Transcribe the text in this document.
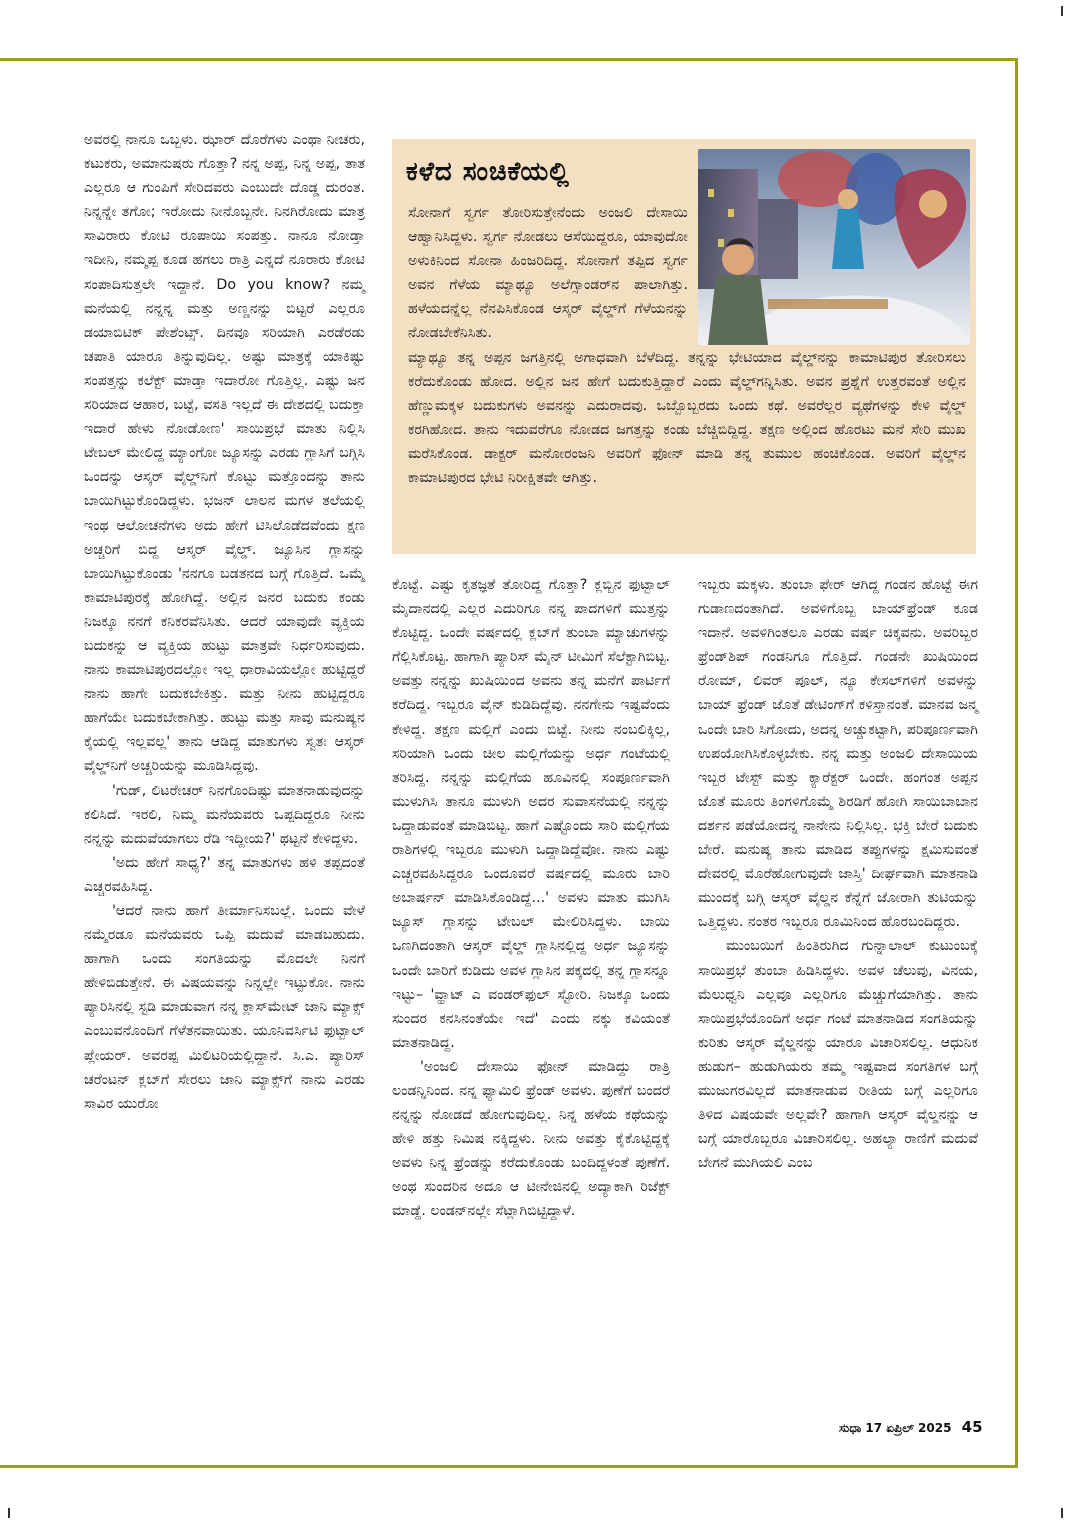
ಅವರಲ್ಲಿ ನಾನೂ ಒಬ್ಬಳು. ಝಾರ್ ದೊರೆಗಳು ಎಂಥಾ ನೀಚರು, ಕಟುಕರು, ಅಮಾನುಷರು ಗೊತ್ತಾ? ನನ್ನ ಅಪ್ಪ, ನಿನ್ನ ಅಪ್ಪ, ತಾತ ಎಲ್ಲರೂ ಆ ಗುಂಪಿಗೆ ಸೇರಿದವರು ಎಂಬುದೇ ದೊಡ್ಡ ದುರಂತ. ನಿನ್ನನ್ನೇ ತಗೋ; ಇರೋದು ನೀನೊಬ್ಬನೇ. ನಿನಗಿರೋದು ಮಾತ್ರ ಸಾವಿರಾರು ಕೋಟಿ ರೂಪಾಯಿ ಸಂಪತ್ತು. ನಾನೂ ನೋಡ್ತಾ ಇದೀನಿ, ನಮ್ಮಪ್ಪ ಕೂಡ ಹಗಲು ರಾತ್ರಿ ಎನ್ನದೆ ನೂರಾರು ಕೋಟಿ ಸಂಪಾದಿಸುತ್ತಲೇ ಇದ್ದಾನೆ. Do you know? ನಮ್ಮ ಮನೆಯಲ್ಲಿ ನನ್ನನ್ನ ಮತ್ತು ಅಣ್ಣನನ್ನು ಬಿಟ್ಟರೆ ಎಲ್ಲರೂ ಡಯಾಬಿಟಿಕ್ ಪೇಶೆಂಟ್ಸ್. ದಿನವೂ ಸರಿಯಾಗಿ ಎರಡೆರಡು ಚಪಾತಿ ಯಾರೂ ತಿನ್ನುವುದಿಲ್ಲ. ಅಷ್ಟು ಮಾತ್ರಕ್ಕೆ ಯಾಕಿಷ್ಟು ಸಂಪತ್ತನ್ನು ಕಲೆಕ್ಟ್ ಮಾಡ್ತಾ ಇದಾರೋ ಗೊತ್ತಿಲ್ಲ. ಎಷ್ಟು ಜನ ಸರಿಯಾದ ಆಹಾರ, ಬಟ್ಟೆ, ವಸತಿ ಇಲ್ಲದೆ ಈ ದೇಶದಲ್ಲಿ ಬದುಕ್ತಾ ಇದಾರೆ ಹೇಳು ನೋಡೋಣ' ಸಾಯಿಪ್ರಭೆ ಮಾತು ನಿಲ್ಲಿಸಿ ಟೇಬಲ್ ಮೇಲಿದ್ದ ಮ್ಯಾಂಗೋ ಜ್ಯೂಸನ್ನು ಎರಡು ಗ್ಲಾಸಿಗೆ ಬಗ್ಗಿಸಿ ಒಂದನ್ನು ಆಸ್ಕರ್ ವೈಲ್ಡ್‌ನಿಗೆ ಕೊಟ್ಟು ಮತ್ತೊಂದನ್ನು ತಾನು ಬಾಯಿಗಿಟ್ಟುಕೊಂಡಿದ್ದಳು. ಭಜನ್ ಲಾಲನ ಮಗಳ ತಲೆಯಲ್ಲಿ ಇಂಥ ಆಲೋಚನೆಗಳು ಅದು ಹೇಗೆ ಟಿಸಿಲೊಡೆದವೆಂದು ಕ್ಷಣ ಅಚ್ಚರಿಗೆ ಬಿದ್ದ ಆಸ್ಕರ್ ವೈಲ್ಡ್. ಜ್ಯೂಸಿನ ಗ್ಲಾಸನ್ನು ಬಾಯಿಗಿಟ್ಟುಕೊಂಡು 'ನನಗೂ ಬಡತನದ ಬಗ್ಗೆ ಗೊತ್ತಿದೆ. ಒಮ್ಮೆ ಕಾಮಾಟಿಪುರಕ್ಕೆ ಹೋಗಿದ್ದೆ. ಅಲ್ಲಿನ ಜನರ ಬದುಕು ಕಂಡು ನಿಜಕ್ಕೂ ನನಗೆ ಕನಿಕರವೆನಿಸಿತು. ಆದರೆ ಯಾವುದೇ ವ್ಯಕ್ತಿಯ ಬದುಕನ್ನು ಆ ವ್ಯಕ್ತಿಯ ಹುಟ್ಟು ಮಾತ್ರವೇ ನಿರ್ಧರಿಸುವುದು. ನಾನು ಕಾಮಾಟಿಪುರದಲ್ಲೋ ಇಲ್ಲ ಧಾರಾವಿಯಲ್ಲೋ ಹುಟ್ಟಿದ್ದರೆ ನಾನು ಹಾಗೇ ಬದುಕಬೇಕಿತ್ತು. ಮತ್ತು ನೀನು ಹುಟ್ಟಿದ್ದರೂ ಹಾಗೆಯೇ ಬದುಕಬೇಕಾಗಿತ್ತು. ಹುಟ್ಟು ಮತ್ತು ಸಾವು ಮನುಷ್ಯನ ಕೈಯಲ್ಲಿ ಇಲ್ಲವಲ್ಲ' ತಾನು ಆಡಿದ್ದ ಮಾತುಗಳು ಸ್ವತಃ ಆಸ್ಕರ್ ವೈಲ್ಡ್‌ನಿಗೆ ಅಚ್ಚರಿಯನ್ನು ಮೂಡಿಸಿದ್ದವು.

'ಗುಡ್, ಲಿಟರೇಚರ್ ನಿನಗೊಂದಿಷ್ಟು ಮಾತನಾಡುವುದನ್ನು ಕಲಿಸಿದೆ. ಇರಲಿ, ನಿಮ್ಮ ಮನೆಯವರು ಒಪ್ಪದಿದ್ದರೂ ನೀನು ನನ್ನನ್ನು ಮದುವೆಯಾಗಲು ರೆಡಿ ಇದ್ದೀಯ?' ಥಟ್ಟನೆ ಕೇಳಿದ್ದಳು.

'ಅದು ಹೇಗೆ ಸಾಧ್ಯ?' ತನ್ನ ಮಾತುಗಳು ಹಳಿ ತಪ್ಪದಂತೆ ಎಚ್ಚರವಹಿಸಿದ್ದ.

'ಆದರೆ ನಾನು ಹಾಗೆ ತೀರ್ಮಾನಿಸಬಲ್ಲೆ. ಒಂದು ವೇಳೆ ನಮ್ಮೆರಡೂ ಮನೆಯವರು ಒಪ್ಪಿ ಮದುವೆ ಮಾಡಬಹುದು. ಹಾಗಾಗಿ ಒಂದು ಸಂಗತಿಯನ್ನು ಮೊದಲೇ ನಿನಗೆ ಹೇಳಿಬಿಡುತ್ತೇನೆ. ಈ ವಿಷಯವನ್ನು ನಿನ್ನಲ್ಲೇ ಇಟ್ಟುಕೋ. ನಾನು ಪ್ಯಾರಿಸಿನಲ್ಲಿ ಸ್ಟಡಿ ಮಾಡುವಾಗ ನನ್ನ ಕ್ಲಾಸ್‌ಮೇಟ್ ಜಾನಿ ಮ್ಯಾಕ್ಸ್ ಎಂಬುವನೊಂದಿಗೆ ಗೆಳೆತನವಾಯಿತು. ಯೂನಿವರ್ಸಿಟಿ ಫುಟ್ಬಾಲ್ ಪ್ಲೇಯರ್. ಅವರಪ್ಪ ಮಿಲಿಟರಿಯಲ್ಲಿದ್ದಾನೆ. ಸಿ.ಎ. ಪ್ಯಾರಿಸ್ ಚರೆಂಟನ್ ಕ್ಲಬ್‌ಗೆ ಸೇರಲು ಜಾನಿ ಮ್ಯಾಕ್ಸ್‌ಗೆ ನಾನು ಎರಡು ಸಾವಿರ ಯುರೋ

ಕಳೆದ ಸಂಚಿಕೆಯಲ್ಲಿ
ಸೋನಾಗೆ ಸ್ವರ್ಗ ತೋರಿಸುತ್ತೇನೆಂದು ಅಂಜಲಿ ದೇಸಾಯಿ ಆಹ್ವಾನಿಸಿದ್ದಳು. ಸ್ವರ್ಗ ನೋಡಲು ಆಸೆಯಿದ್ದರೂ, ಯಾವುದೋ ಅಳುಕಿನಿಂದ ಸೋನಾ ಹಿಂಜರಿದಿದ್ದ. ಸೋನಾಗೆ ತಪ್ಪಿದ ಸ್ವರ್ಗ ಅವನ ಗೆಳೆಯ ಮ್ಯಾಥ್ಯೂ ಅಲೆಗ್ಸಾಂಡರ್‌ನ ಪಾಲಾಗಿತ್ತು. ಹಳೆಯದನ್ನೆಲ್ಲ ನೆನಪಿಸಿಕೊಂಡ ಆಸ್ಕರ್ ವೈಲ್ಡ್‌ಗೆ ಗೆಳೆಯನನ್ನು ನೋಡಬೇಕೆನಿಸಿತು.
ಮ್ಯಾಥ್ಯೂ ತನ್ನ ಅಪ್ಪನ ಜಗತ್ತಿನಲ್ಲಿ ಅಗಾಧವಾಗಿ ಬೆಳೆದಿದ್ದ. ತನ್ನನ್ನು ಭೇಟಿಯಾದ ವೈಲ್ಡ್‌ನನ್ನು ಕಾಮಾಟಿಪುರ ತೋರಿಸಲು ಕರೆದುಕೊಂಡು ಹೋದ. ಅಲ್ಲಿನ ಜನ ಹೇಗೆ ಬದುಕುತ್ತಿದ್ದಾರೆ ಎಂದು ವೈಲ್ಡ್‌ಗನ್ನಿಸಿತು. ಅವನ ಪ್ರಶ್ನೆಗೆ ಉತ್ತರವಂತೆ ಅಲ್ಲಿನ ಹೆಣ್ಣುಮಕ್ಕಳ ಬದುಕುಗಳು ಅವನನ್ನು ಎದುರಾದವು. ಒಬ್ಬೊಬ್ಬರದು ಒಂದು ಕಥೆ. ಅವರೆಲ್ಲರ ವ್ಯಥೆಗಳನ್ನು ಕೇಳಿ ವೈಲ್ಡ್ ಕರಗಿಹೋದ. ತಾನು ಇದುವರೆಗೂ ನೋಡದ ಜಗತ್ತನ್ನು ಕಂಡು ಬೆಚ್ಚಿಬಿದ್ದಿದ್ದ. ತಕ್ಷಣ ಅಲ್ಲಿಂದ ಹೊರಟು ಮನೆ ಸೇರಿ ಮುಖ ಮರೆಸಿಕೊಂಡ. ಡಾಕ್ಟರ್ ಮನೋರಂಜನಿ ಅವರಿಗೆ ಫೋನ್ ಮಾಡಿ ತನ್ನ ತುಮುಲ ಹಂಚಿಕೊಂಡ. ಅವರಿಗೆ ವೈಲ್ಡ್‌ನ ಕಾಮಾಟಿಪುರದ ಭೇಟಿ ನಿರೀಕ್ಷಿತವೇ ಆಗಿತ್ತು.

ಕೊಟ್ಟೆ. ಎಷ್ಟು ಕೃತಜ್ಞತೆ ತೋರಿದ್ದ ಗೊತ್ತಾ? ಕ್ಲಬ್ಬಿನ ಫುಟ್ಬಾಲ್ ಮೈದಾನದಲ್ಲಿ ಎಲ್ಲರ ಎದುರಿಗೂ ನನ್ನ ಪಾದಗಳಿಗೆ ಮುತ್ತನ್ನು ಕೊಟ್ಟಿದ್ದ. ಒಂದೇ ವರ್ಷದಲ್ಲಿ ಕ್ಲಬ್‌ಗೆ ತುಂಬಾ ಮ್ಯಾಚುಗಳನ್ನು ಗೆಲ್ಲಿಸಿಕೊಟ್ಟ. ಹಾಗಾಗಿ ಪ್ಯಾರಿಸ್ ಮೈನ್ ಟೀಮಿಗೆ ಸೆಲೆಕ್ಟಾಗಿಬಿಟ್ಟ. ಅವತ್ತು ನನ್ನನ್ನು ಖುಷಿಯಿಂದ ಅವನು ತನ್ನ ಮನೆಗೆ ಪಾರ್ಟಿಗೆ ಕರೆದಿದ್ದ. ಇಬ್ಬರೂ ವೈನ್ ಕುಡಿದಿದ್ದೆವು. ನನಗೇನು ಇಷ್ಟವೆಂದು ಕೇಳಿದ್ದ. ತಕ್ಷಣ ಮಲ್ಲಿಗೆ ಎಂದು ಬಿಟ್ಟೆ. ನೀನು ನಂಬಲಿಕ್ಕಿಲ್ಲ, ಸರಿಯಾಗಿ ಒಂದು ಚೀಲ ಮಲ್ಲಿಗೆಯನ್ನು ಅರ್ಧ ಗಂಟೆಯಲ್ಲಿ ತರಿಸಿದ್ದ. ನನ್ನನ್ನು ಮಲ್ಲಿಗೆಯ ಹೂವಿನಲ್ಲಿ ಸಂಪೂರ್ಣವಾಗಿ ಮುಳುಗಿಸಿ ತಾನೂ ಮುಳುಗಿ ಅದರ ಸುವಾಸನೆಯಲ್ಲಿ ನನ್ನನ್ನು ಒದ್ದಾಡುವಂತೆ ಮಾಡಿಬಿಟ್ಟ. ಹಾಗೆ ಎಷ್ಟೊಂದು ಸಾರಿ ಮಲ್ಲಿಗೆಯ ರಾಶಿಗಳಲ್ಲಿ ಇಬ್ಬರೂ ಮುಳುಗಿ ಒದ್ದಾಡಿದ್ದೆವೋ. ನಾನು ಎಷ್ಟು ಎಚ್ಚರವಹಿಸಿದ್ದರೂ ಒಂದೂವರೆ ವರ್ಷದಲ್ಲಿ ಮೂರು ಬಾರಿ ಅಬಾರ್ಷನ್ ಮಾಡಿಸಿಕೊಂಡಿದ್ದೆ...' ಅವಳು ಮಾತು ಮುಗಿಸಿ ಜ್ಯೂಸ್ ಗ್ಲಾಸನ್ನು ಟೇಬಲ್ ಮೇಲಿರಿಸಿದ್ದಳು. ಬಾಯಿ ಒಣಗಿದಂತಾಗಿ ಆಸ್ಕರ್ ವೈಲ್ಡ್ ಗ್ಲಾಸಿನಲ್ಲಿದ್ದ ಅರ್ಧ ಜ್ಯೂಸನ್ನು ಒಂದೇ ಬಾರಿಗೆ ಕುಡಿದು ಅವಳ ಗ್ಲಾಸಿನ ಪಕ್ಕದಲ್ಲಿ ತನ್ನ ಗ್ಲಾಸನ್ನೂ ಇಟ್ಟು– 'ವ್ಹಾಟ್ ಎ ವಂಡರ್‌ಫುಲ್ ಸ್ಟೋರಿ. ನಿಜಕ್ಕೂ ಒಂದು ಸುಂದರ ಕನಸಿನಂತೆಯೇ ಇದೆ' ಎಂದು ನಕ್ಕು ಕವಿಯಂತೆ ಮಾತನಾಡಿದ್ದ.

'ಅಂಜಲಿ ದೇಸಾಯಿ ಫೋನ್ ಮಾಡಿದ್ದು ರಾತ್ರಿ ಲಂಡನ್ನಿನಿಂದ. ನನ್ನ ಫ್ಯಾಮಿಲಿ ಫ್ರೆಂಡ್ ಅವಳು. ಪುಣೆಗೆ ಬಂದರೆ ನನ್ನನ್ನು ನೋಡದೆ ಹೋಗುವುದಿಲ್ಲ. ನಿನ್ನ ಹಳೆಯ ಕಥೆಯನ್ನು ಹೇಳಿ ಹತ್ತು ನಿಮಿಷ ನಕ್ಕಿದ್ದಳು. ನೀನು ಅವತ್ತು ಕೈಕೊಟ್ಟಿದ್ದಕ್ಕೆ ಅವಳು ನಿನ್ನ ಫ್ರೆಂಡನ್ನು ಕರೆದುಕೊಂಡು ಬಂದಿದ್ದಳಂತೆ ಪುಣೆಗೆ. ಅಂಥ ಸುಂದರಿನ ಅದೂ ಆ ಟೀನೇಜಿನಲ್ಲಿ ಅದ್ಯಾಕಾಗಿ ರಿಜೆಕ್ಟ್ ಮಾಡ್ದೆ. ಲಂಡನ್‌ನಲ್ಲೇ ಸೆಟ್ಲಾಗಿಬಿಟ್ಟಿದ್ದಾಳೆ.

ಇಬ್ಬರು ಮಕ್ಕಳು. ತುಂಬಾ ಫೇರ್ ಆಗಿದ್ದ ಗಂಡನ ಹೊಟ್ಟೆ ಈಗ ಗುಡಾಣದಂತಾಗಿದೆ. ಅವಳಿಗೊಬ್ಬ ಬಾಯ್‌ಫ್ರೆಂಡ್ ಕೂಡ ಇದಾನೆ. ಅವಳಿಗಿಂತಲೂ ಎರಡು ವರ್ಷ ಚಿಕ್ಕವನು. ಅವರಿಬ್ಬರ ಫ್ರೆಂಡ್‌ಶಿಪ್ ಗಂಡನಿಗೂ ಗೊತ್ತಿದೆ. ಗಂಡನೇ ಖುಷಿಯಿಂದ ರೋಮ್, ಲಿವರ್ ಪೂಲ್, ನ್ಯೂ ಕೇಸಲ್‌ಗಳಿಗೆ ಅವಳನ್ನು ಬಾಯ್ ಫ್ರೆಂಡ್ ಜೊತೆ ಡೇಟಿಂಗ್‌ಗೆ ಕಳಿಸ್ತಾನಂತೆ. ಮಾನವ ಜನ್ಮ ಒಂದೇ ಬಾರಿ ಸಿಗೋದು, ಅದನ್ನ ಅಚ್ಚುಕಟ್ಟಾಗಿ, ಪರಿಪೂರ್ಣವಾಗಿ ಉಪಯೋಗಿಸಿಕೊಳ್ಳಬೇಕು. ನನ್ನ ಮತ್ತು ಅಂಜಲಿ ದೇಸಾಯಿಯ ಇಬ್ಬರ ಟೇಸ್ಟ್ ಮತ್ತು ಕ್ಯಾರೆಕ್ಟರ್ ಒಂದೇ. ಹಂಗಂತ ಅಪ್ಪನ ಜೊತೆ ಮೂರು ತಿಂಗಳಿಗೊಮ್ಮೆ ಶಿರಡಿಗೆ ಹೋಗಿ ಸಾಯಿಬಾಬಾನ ದರ್ಶನ ಪಡೆಯೋದನ್ನ ನಾನೇನು ನಿಲ್ಲಿಸಿಲ್ಲ. ಭಕ್ತಿ ಬೇರೆ ಬದುಕು ಬೇರೆ. ಮನುಷ್ಯ ತಾನು ಮಾಡಿದ ತಪ್ಪುಗಳನ್ನು ಕ್ಷಮಿಸುವಂತೆ ದೇವರಲ್ಲಿ ಮೊರೆಹೋಗುವುದೇ ಜಾಸ್ತಿ' ದೀರ್ಘವಾಗಿ ಮಾತನಾಡಿ ಮುಂದಕ್ಕೆ ಬಗ್ಗಿ ಆಸ್ಕರ್ ವೈಲ್ಡನ ಕೆನ್ನೆಗೆ ಜೋರಾಗಿ ತುಟಿಯನ್ನು ಒತ್ತಿದ್ದಳು. ನಂತರ ಇಬ್ಬರೂ ರೂಮಿನಿಂದ ಹೊರಬಂದಿದ್ದರು.

ಮುಂಬಯಿಗೆ ಹಿಂತಿರುಗಿದ ಗುನ್ನಾಲಾಲ್ ಕುಟುಂಬಕ್ಕೆ ಸಾಯಿಪ್ರಭೆ ತುಂಬಾ ಹಿಡಿಸಿದ್ದಳು. ಅವಳ ಚೆಲುವು, ವಿನಯ, ಮೆಲುಧ್ವನಿ ಎಲ್ಲವೂ ಎಲ್ಲರಿಗೂ ಮೆಚ್ಚುಗೆಯಾಗಿತ್ತು. ತಾನು ಸಾಯಿಪ್ರಭೆಯೊಂದಿಗೆ ಅರ್ಧ ಗಂಟೆ ಮಾತನಾಡಿದ ಸಂಗತಿಯನ್ನು ಕುರಿತು ಆಸ್ಕರ್ ವೈಲ್ಡನನ್ನು ಯಾರೂ ವಿಚಾರಿಸಲಿಲ್ಲ. ಆಧುನಿಕ ಹುಡುಗ– ಹುಡುಗಿಯರು ತಮ್ಮ ಇಷ್ಟವಾದ ಸಂಗತಿಗಳ ಬಗ್ಗೆ ಮುಜುಗರವಿಲ್ಲದೆ ಮಾತನಾಡುವ ರೀತಿಯ ಬಗ್ಗೆ ಎಲ್ಲರಿಗೂ ತಿಳಿದ ವಿಷಯವೇ ಅಲ್ಲವೇ? ಹಾಗಾಗಿ ಆಸ್ಕರ್ ವೈಲ್ಡನನ್ನು ಆ ಬಗ್ಗೆ ಯಾರೊಬ್ಬರೂ ವಿಚಾರಿಸಲಿಲ್ಲ. ಅಹಲ್ಯಾ ರಾಣಿಗೆ ಮದುವೆ ಬೇಗನೆ ಮುಗಿಯಲಿ ಎಂಬ

ಸುಧಾ 17 ಏಪ್ರಿಲ್ 2025 45
